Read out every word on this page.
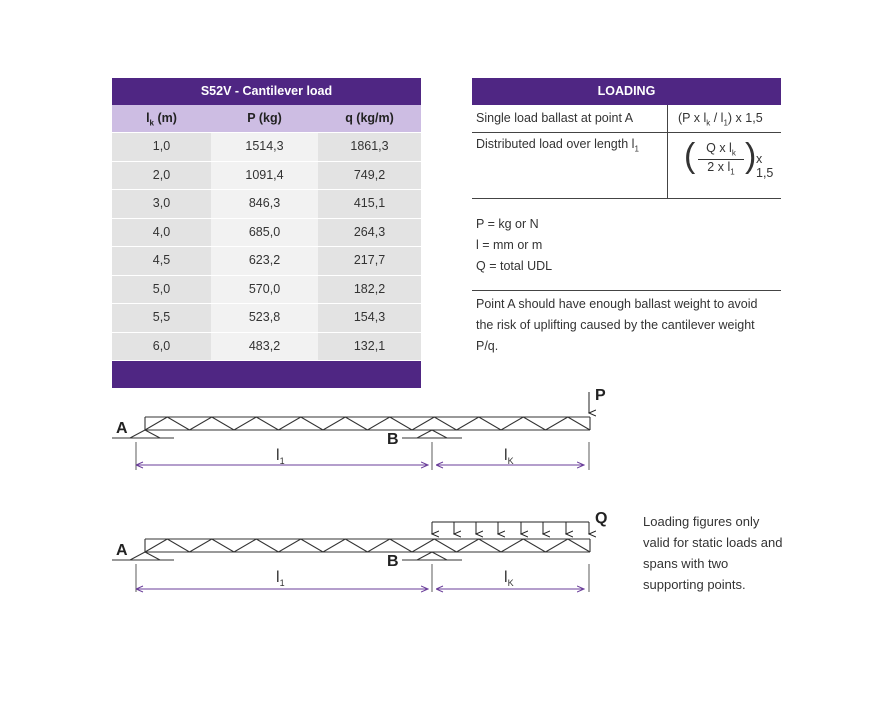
S52V - Cantilever load
$l_k$ (m)	P (kg)	q (kg/m)
1,0	1514,3	1861,3
2,0	1091,4	749,2
3,0	846,3	415,1
4,0	685,0	264,3
4,5	623,2	217,7
5,0	570,0	182,2
5,5	523,8	154,3
6,0	483,2	132,1
LOADING
Single load ballast at point A	(P x $l_k / l_1$) x 1,5
Distributed load over length $l_1$	( Q x $l_k$
2 x $l_1$ ) x 1,5
P = kg or N
l = mm or m
Q = total UDL
Point A should have enough ballast weight to avoid the risk of uplifting caused by the cantilever weight P/q.
A
B
P
$l_1$	$l_K$
A
B
Q
$l_1$	$l_K$
Loading figures only valid for static loads and spans with two supporting points.
